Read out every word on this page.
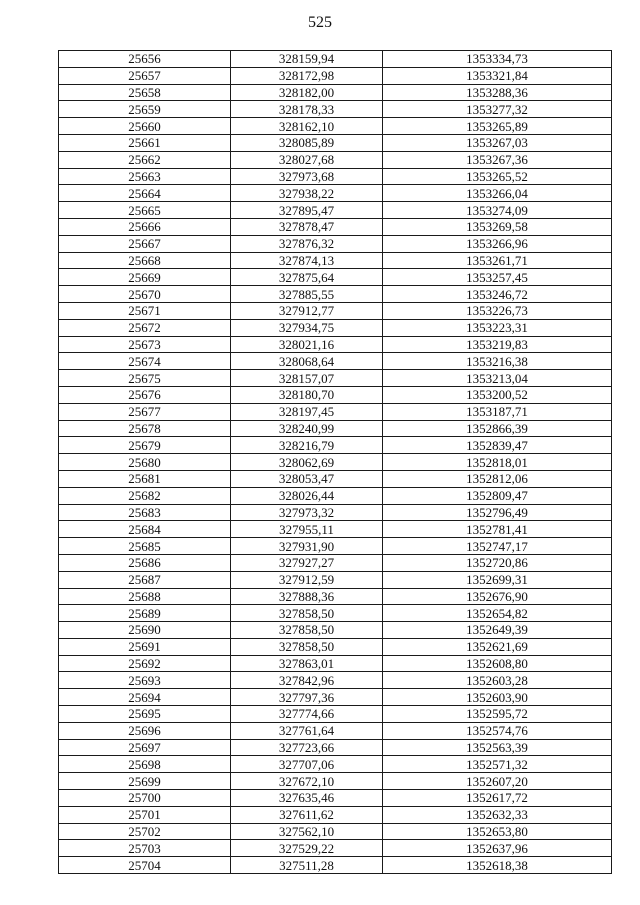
525
25656	328159,94	1353334,73
25657	328172,98	1353321,84
25658	328182,00	1353288,36
25659	328178,33	1353277,32
25660	328162,10	1353265,89
25661	328085,89	1353267,03
25662	328027,68	1353267,36
25663	327973,68	1353265,52
25664	327938,22	1353266,04
25665	327895,47	1353274,09
25666	327878,47	1353269,58
25667	327876,32	1353266,96
25668	327874,13	1353261,71
25669	327875,64	1353257,45
25670	327885,55	1353246,72
25671	327912,77	1353226,73
25672	327934,75	1353223,31
25673	328021,16	1353219,83
25674	328068,64	1353216,38
25675	328157,07	1353213,04
25676	328180,70	1353200,52
25677	328197,45	1353187,71
25678	328240,99	1352866,39
25679	328216,79	1352839,47
25680	328062,69	1352818,01
25681	328053,47	1352812,06
25682	328026,44	1352809,47
25683	327973,32	1352796,49
25684	327955,11	1352781,41
25685	327931,90	1352747,17
25686	327927,27	1352720,86
25687	327912,59	1352699,31
25688	327888,36	1352676,90
25689	327858,50	1352654,82
25690	327858,50	1352649,39
25691	327858,50	1352621,69
25692	327863,01	1352608,80
25693	327842,96	1352603,28
25694	327797,36	1352603,90
25695	327774,66	1352595,72
25696	327761,64	1352574,76
25697	327723,66	1352563,39
25698	327707,06	1352571,32
25699	327672,10	1352607,20
25700	327635,46	1352617,72
25701	327611,62	1352632,33
25702	327562,10	1352653,80
25703	327529,22	1352637,96
25704	327511,28	1352618,38
